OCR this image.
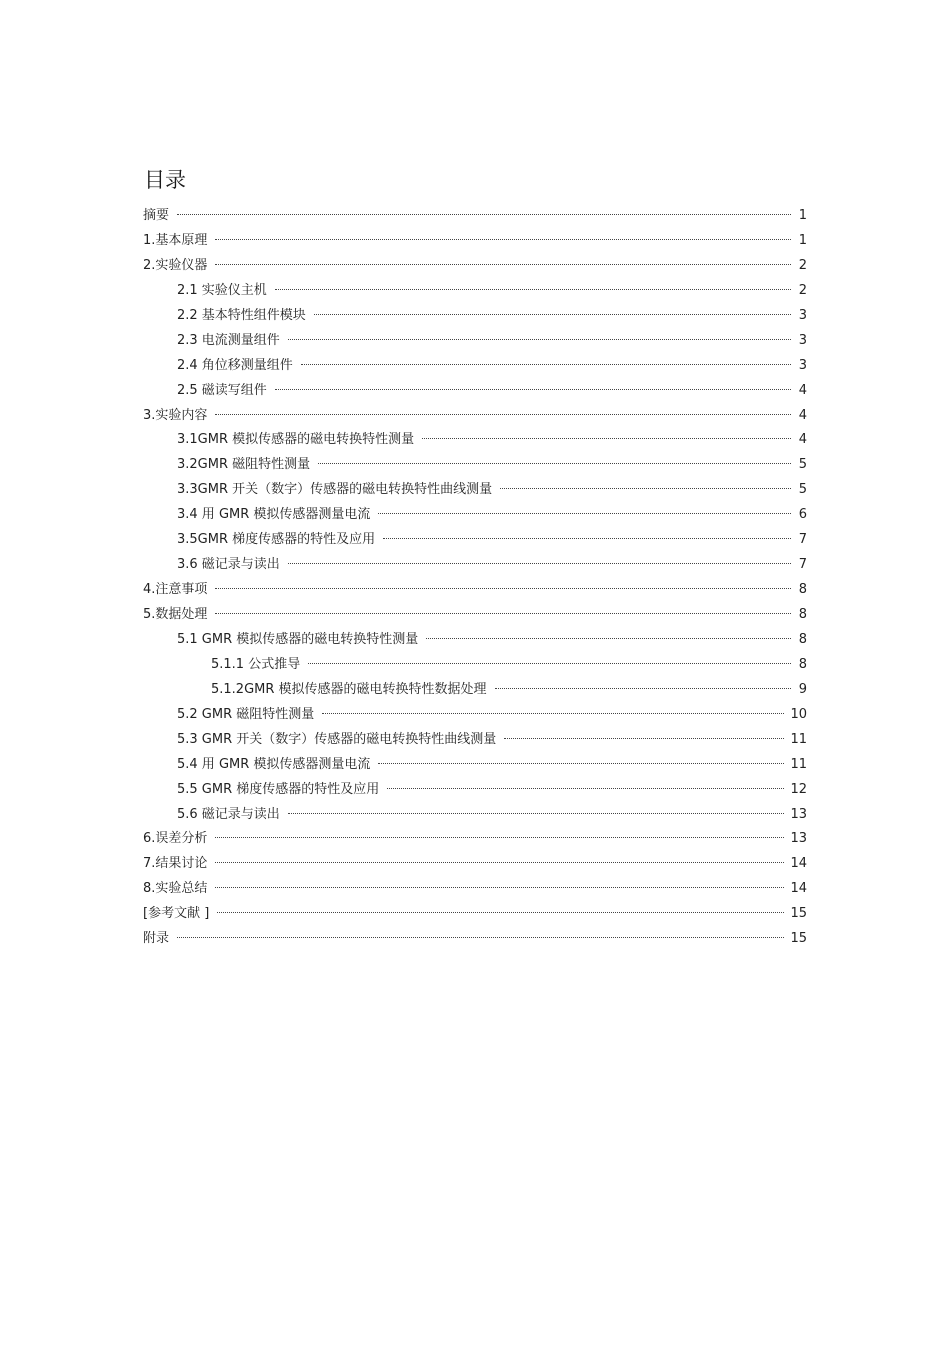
目录
摘要	1
1.基本原理	1
2.实验仪器	2
2.1 实验仪主机	2
2.2 基本特性组件模块	3
2.3 电流测量组件	3
2.4 角位移测量组件	3
2.5 磁读写组件	4
3.实验内容	4
3.1GMR 模拟传感器的磁电转换特性测量	4
3.2GMR 磁阻特性测量	5
3.3GMR 开关（数字）传感器的磁电转换特性曲线测量	5
3.4 用 GMR 模拟传感器测量电流	6
3.5GMR 梯度传感器的特性及应用	7
3.6 磁记录与读出	7
4.注意事项	8
5.数据处理	8
5.1 GMR 模拟传感器的磁电转换特性测量	8
5.1.1 公式推导	8
5.1.2GMR 模拟传感器的磁电转换特性数据处理	9
5.2 GMR 磁阻特性测量	10
5.3 GMR 开关（数字）传感器的磁电转换特性曲线测量	11
5.4 用 GMR 模拟传感器测量电流	11
5.5 GMR 梯度传感器的特性及应用	12
5.6 磁记录与读出	13
6.误差分析	13
7.结果讨论	14
8.实验总结	14
[参考文献 ]	15
附录	15
